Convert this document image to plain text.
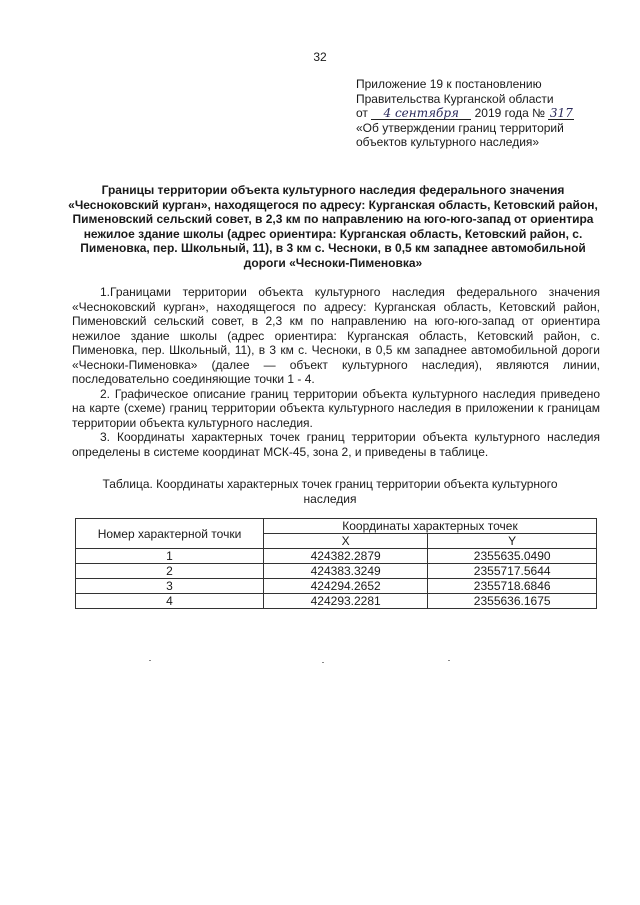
32
Приложение 19 к постановлению
Правительства Курганской области
от 4 сентября 2019 года № 317
«Об утверждении границ территорий
объектов культурного наследия»
Границы территории объекта культурного наследия федерального значения «Чесноковский курган», находящегося по адресу: Курганская область, Кетовский район, Пименовский сельский совет, в 2,3 км по направлению на юго-юго-запад от ориентира нежилое здание школы (адрес ориентира: Курганская область, Кетовский район, с. Пименовка, пер. Школьный, 11), в 3 км с. Чесноки, в 0,5 км западнее автомобильной дороги «Чесноки-Пименовка»

1.Границами территории объекта культурного наследия федерального значения «Чесноковский курган», находящегося по адресу: Курганская область, Кетовский район, Пименовский сельский совет, в 2,3 км по направлению на юго-юго-запад от ориентира нежилое здание школы (адрес ориентира: Курганская область, Кетовский район, с. Пименовка, пер. Школьный, 11), в 3 км с. Чесноки, в 0,5 км западнее автомобильной дороги «Чесноки-Пименовка» (далее — объект культурного наследия), являются линии, последовательно соединяющие точки 1 - 4.

2. Графическое описание границ территории объекта культурного наследия приведено на карте (схеме) границ территории объекта культурного наследия в приложении к границам территории объекта культурного наследия.

3. Координаты характерных точек границ территории объекта культурного наследия определены в системе координат МСК-45, зона 2, и приведены в таблице.

Таблица. Координаты характерных точек границ территории объекта культурного наследия
Номер характерной точки	Координаты характерных точек	
	X	Y
1	424382.2879	2355635.0490
2	424383.3249	2355717.5644
3	424294.2652	2355718.6846
4	424293.2281	2355636.1675
